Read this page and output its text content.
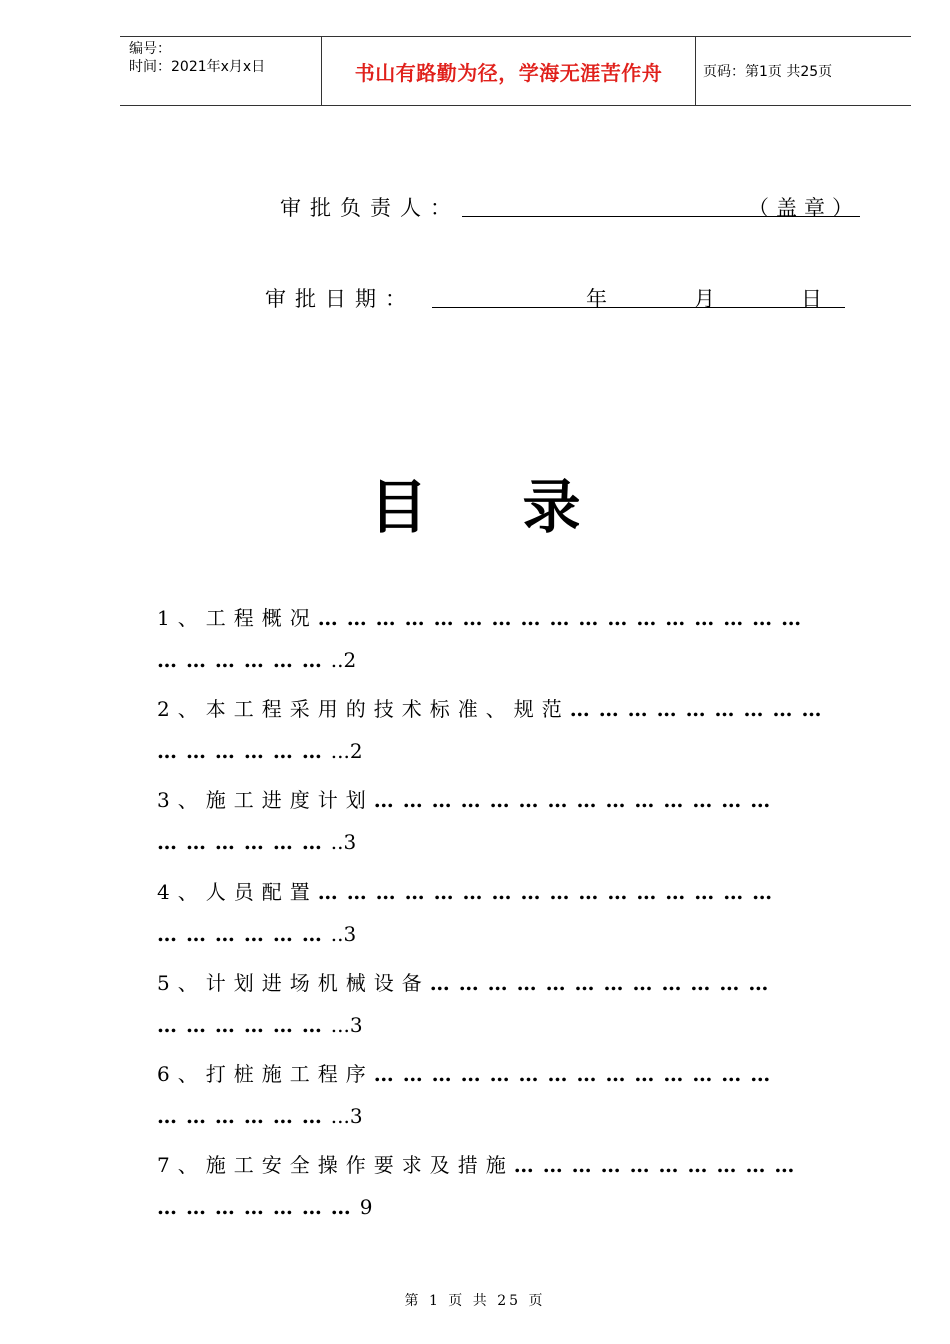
编号：
时间：2021年x月x日	书山有路勤为径，学海无涯苦作舟	页码：第1页 共25页
审批负责人：	（盖章）
审批日期：	年	月	日
目 录
1、工程概况… … … … … … … … … … … … … … … … …
… … … … … … ..2
2、本工程采用的技术标准、规范… … … … … … … … …
… … … … … … ...2
3、施工进度计划… … … … … … … … … … … … … …
… … … … … … ..3
4、人员配置… … … … … … … … … … … … … … … …
… … … … … … ..3
5、计划进场机械设备… … … … … … … … … … … …
… … … … … … ...3
6、打桩施工程序… … … … … … … … … … … … … …
… … … … … … ...3
7、施工安全操作要求及措施… … … … … … … … … …
… … … … … … … 9
第 1 页 共 25 页
